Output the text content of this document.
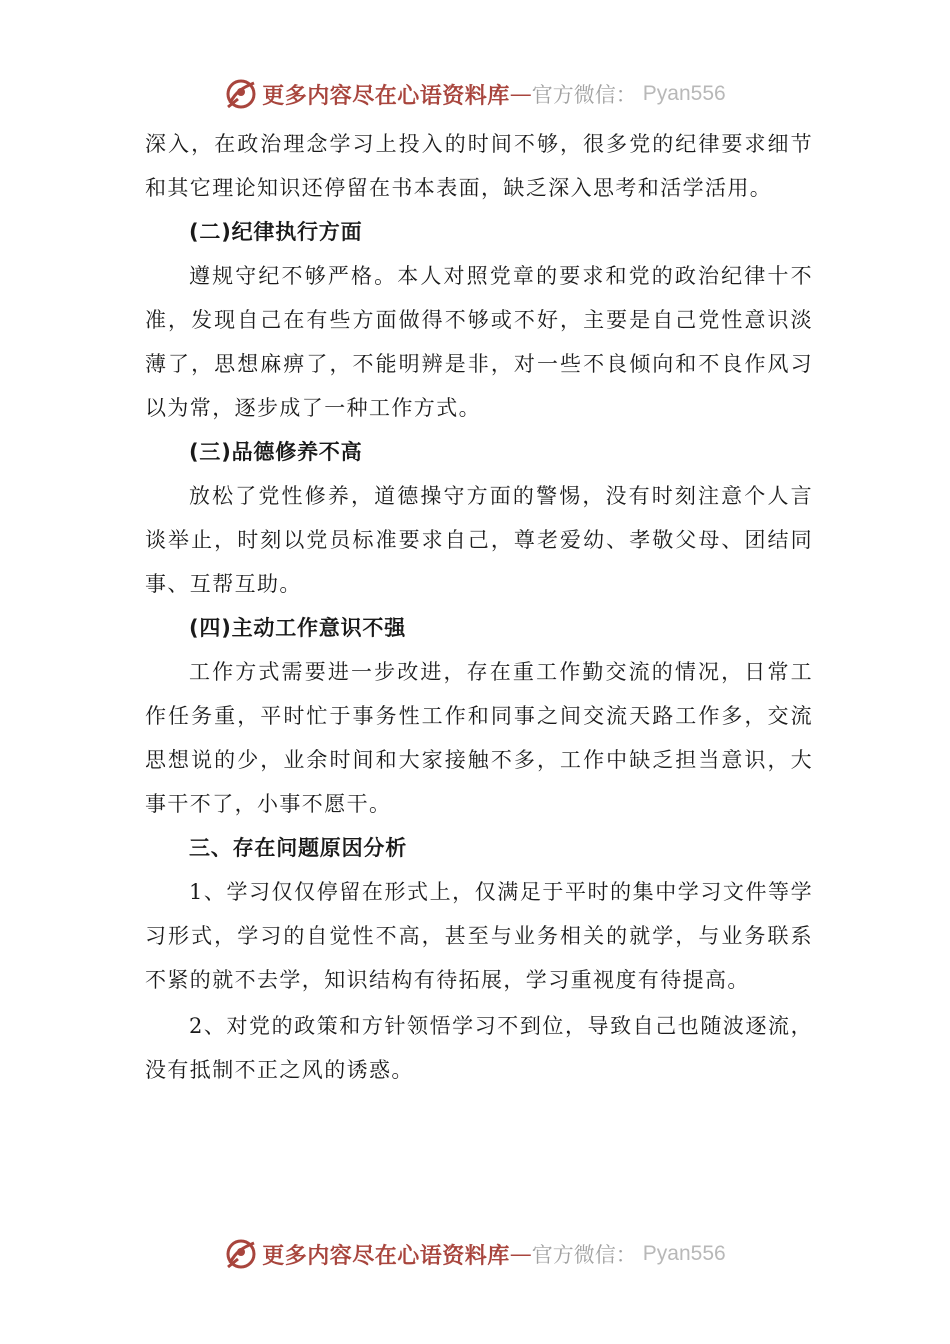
更多内容尽在心语资料库 — 官方微信： Pyan556

深入，在政治理念学习上投入的时间不够，很多党的纪律要求细节和其它理论知识还停留在书本表面，缺乏深入思考和活学活用。

(二)纪律执行方面

遵规守纪不够严格。本人对照党章的要求和党的政治纪律十不准，发现自己在有些方面做得不够或不好，主要是自己党性意识淡薄了，思想麻痹了，不能明辨是非，对一些不良倾向和不良作风习以为常，逐步成了一种工作方式。

(三)品德修养不高

放松了党性修养，道德操守方面的警惕，没有时刻注意个人言谈举止，时刻以党员标准要求自己，尊老爱幼、孝敬父母、团结同事、互帮互助。

(四)主动工作意识不强

工作方式需要进一步改进，存在重工作勤交流的情况，日常工作任务重，平时忙于事务性工作和同事之间交流天路工作多，交流思想说的少，业余时间和大家接触不多，工作中缺乏担当意识，大事干不了，小事不愿干。

三、存在问题原因分析

1、学习仅仅停留在形式上，仅满足于平时的集中学习文件等学习形式，学习的自觉性不高，甚至与业务相关的就学，与业务联系不紧的就不去学，知识结构有待拓展，学习重视度有待提高。

2、对党的政策和方针领悟学习不到位，导致自己也随波逐流，没有抵制不正之风的诱惑。

更多内容尽在心语资料库 — 官方微信： Pyan556
